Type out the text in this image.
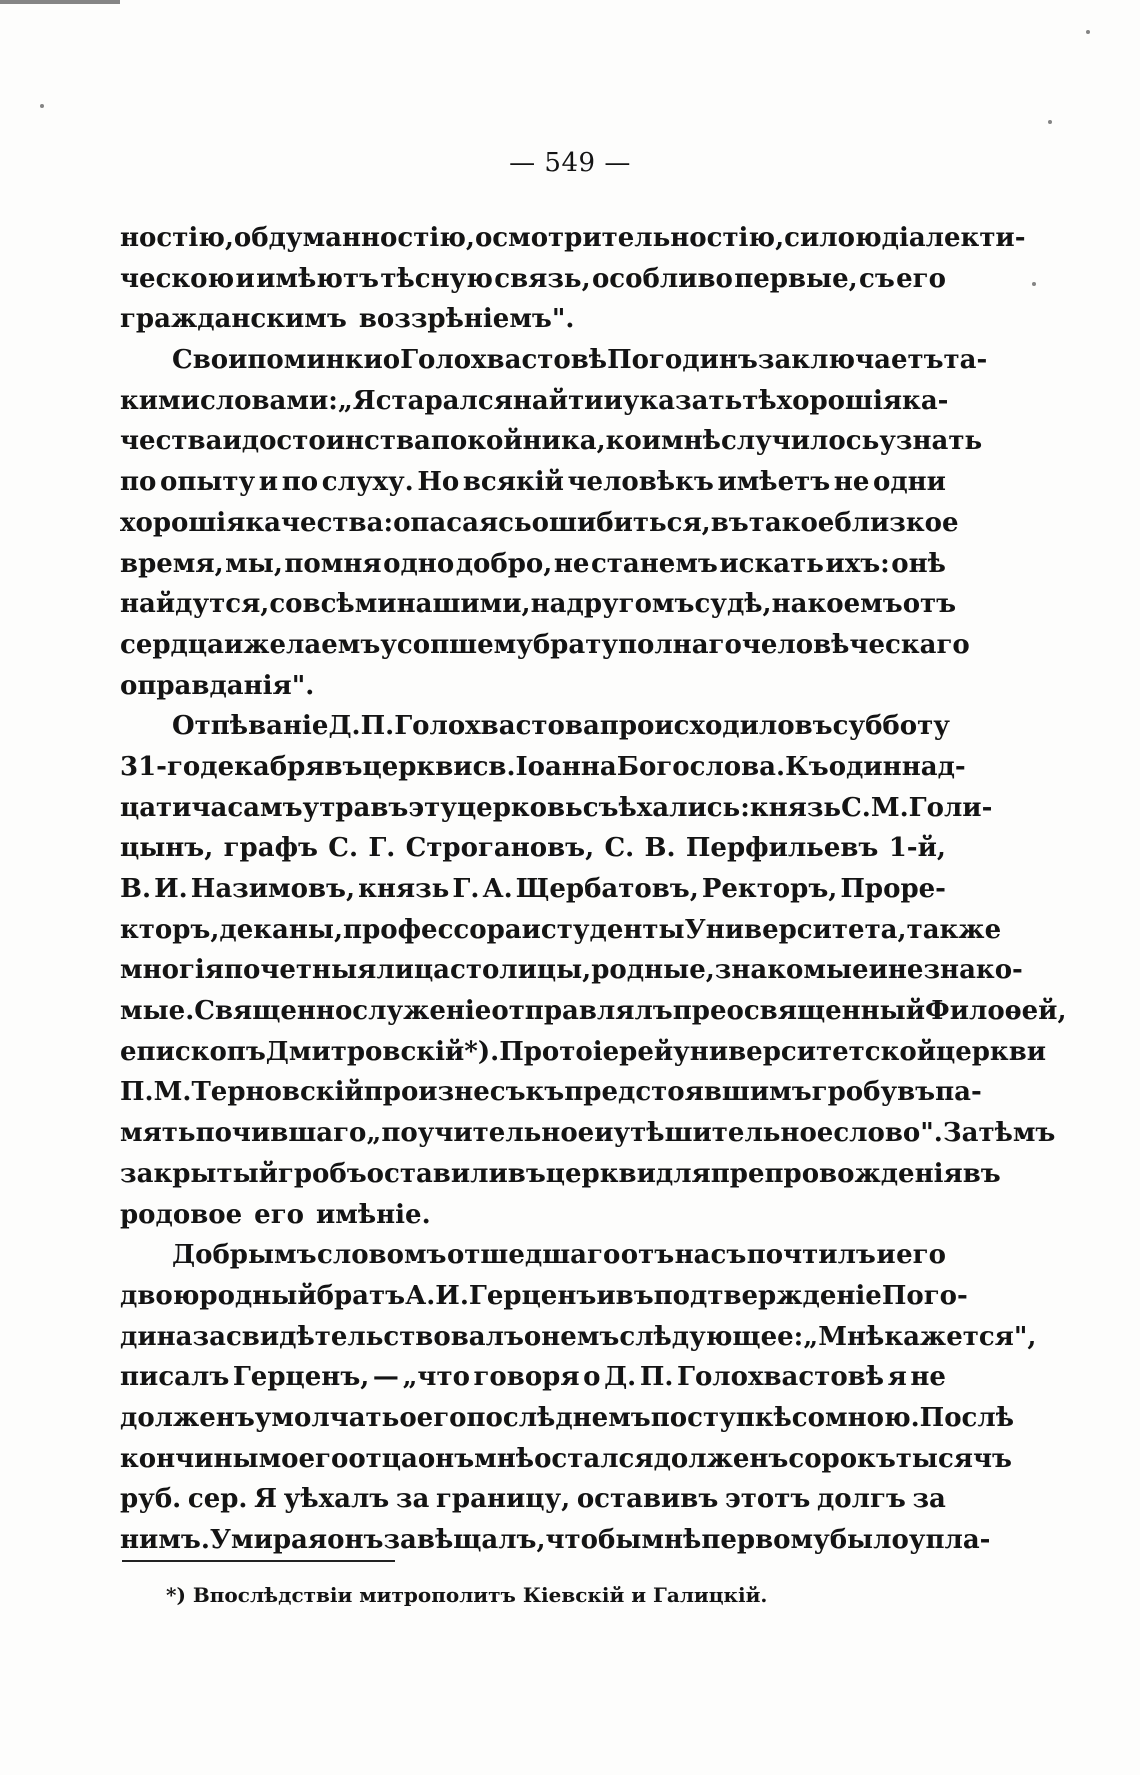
— 549 —
ностію, обдуманностію, осмотрительностію, силою діалекти-
ческою и имѣютъ тѣсную связь, особливо первые, съ его
гражданскимъ воззрѣніемъ".
Свои поминки о Голохвастовѣ Погодинъ заключаетъ та-
кими словами: „Я старался найти и указать тѣ хорошія ка-
чества и достоинства покойника, кои мнѣ случилось узнать
по опыту и по слуху. Но всякій человѣкъ имѣетъ не одни
хорошія качества: опасаясь ошибиться, въ такое близкое
время, мы, помня одно добро, не станемъ искать ихъ: онѣ
найдутся, со всѣми нашими, на другомъ судѣ, на коемъ отъ
сердца и желаемъ усопшему брату полнаго человѣческаго
оправданія".
Отпѣваніе Д. П. Голохвастова происходило въ субботу
31-го декабря въ церкви св. Іоанна Богослова. Къ одиннад-
цати часамъ утра въ эту церковь съѣхались: князь С. М. Голи-
цынъ, графъ С. Г. Строгановъ, С. В. Перфильевъ 1-й,
В. И. Назимовъ, князь Г. А. Щербатовъ, Ректоръ, Проре-
кторъ, деканы, профессора и студенты Университета, также
многія почетныя лица столицы, родные, знакомые и незнако-
мые. Священнослуженіе отправлялъ преосвященный Филоѳей,
епископъ Дмитровскій *). Протоіерей университетской церкви
П. М. Терновскій произнесъ къ предстоявшимъ гробу въ па-
мять почившаго „поучительное и утѣшительное слово". Затѣмъ
закрытый гробъ оставили въ церкви для препровожденія въ
родовое его имѣніе.
Добрымъ словомъ отшедшаго отъ насъ почтилъ и его
двоюродный братъ А. И. Герценъ и въ подтвержденіе Пого-
дина засвидѣтельствовалъ о немъ слѣдующее: „Мнѣ кажется",
писалъ Герценъ, — „что говоря о Д. П. Голохвастовѣ я не
долженъ умолчать о его послѣднемъ поступкѣ со мною. Послѣ
кончины моего отца онъ мнѣ остался долженъ сорокъ тысячъ
руб. сер. Я уѣхалъ за границу, оставивъ этотъ долгъ за
нимъ. Умирая онъ завѣщалъ, чтобы мнѣ первому было упла-
*) Впослѣдствіи митрополитъ Кіевскій и Галицкій.
